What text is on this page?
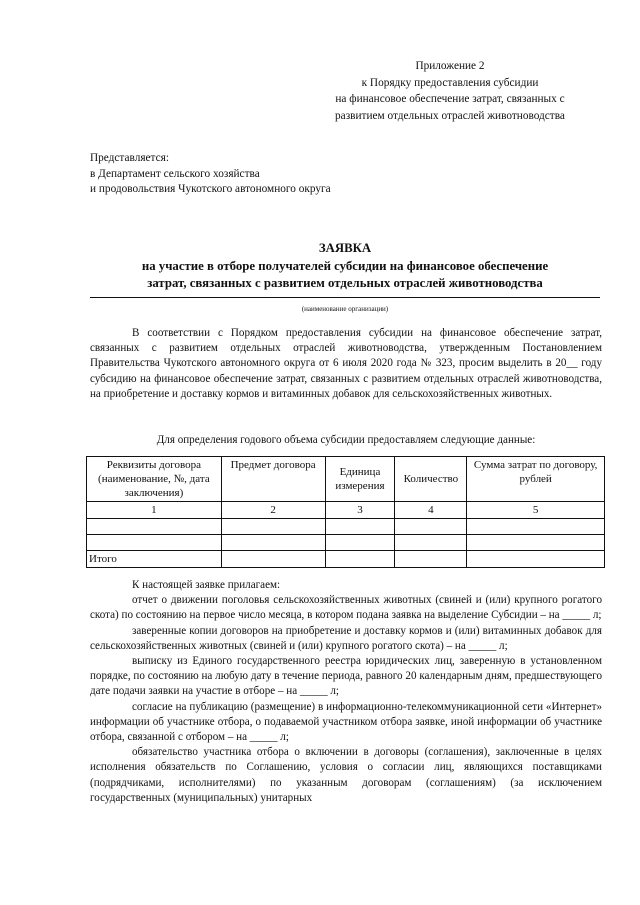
Приложение 2
к Порядку предоставления субсидии
на финансовое обеспечение затрат, связанных с
развитием отдельных отраслей животноводства
Представляется:
в Департамент сельского хозяйства
и продовольствия Чукотского автономного округа
ЗАЯВКА
на участие в отборе получателей субсидии на финансовое обеспечение
затрат, связанных с развитием отдельных отраслей животноводства
(наименование организации)
В соответствии с Порядком предоставления субсидии на финансовое обеспечение затрат, связанных с развитием отдельных отраслей животноводства, утвержденным Постановлением Правительства Чукотского автономного округа от 6 июля 2020 года № 323, просим выделить в 20__ году субсидию на финансовое обеспечение затрат, связанных с развитием отдельных отраслей животноводства, на приобретение и доставку кормов и витаминных добавок для сельскохозяйственных животных.
Для определения годового объема субсидии предоставляем следующие данные:
Реквизиты договора (наименование, №, дата заключения)	Предмет договора	Единица измерения	Количество	Сумма затрат по договору, рублей
1	2	3	4	5

Итого				

К настоящей заявке прилагаем:

отчет о движении поголовья сельскохозяйственных животных (свиней и (или) крупного рогатого скота) по состоянию на первое число месяца, в котором подана заявка на выделение Субсидии – на _____ л;

заверенные копии договоров на приобретение и доставку кормов и (или) витаминных добавок для сельскохозяйственных животных (свиней и (или) крупного рогатого скота) – на _____ л;

выписку из Единого государственного реестра юридических лиц, заверенную в установленном порядке, по состоянию на любую дату в течение периода, равного 20 календарным дням, предшествующего дате подачи заявки на участие в отборе – на _____ л;

согласие на публикацию (размещение) в информационно-телекоммуникационной сети «Интернет» информации об участнике отбора, о подаваемой участником отбора заявке, иной информации об участнике отбора, связанной с отбором – на _____ л;

обязательство участника отбора о включении в договоры (соглашения), заключенные в целях исполнения обязательств по Соглашению, условия о согласии лиц, являющихся поставщиками (подрядчиками, исполнителями) по указанным договорам (соглашениям) (за исключением государственных (муниципальных) унитарных
